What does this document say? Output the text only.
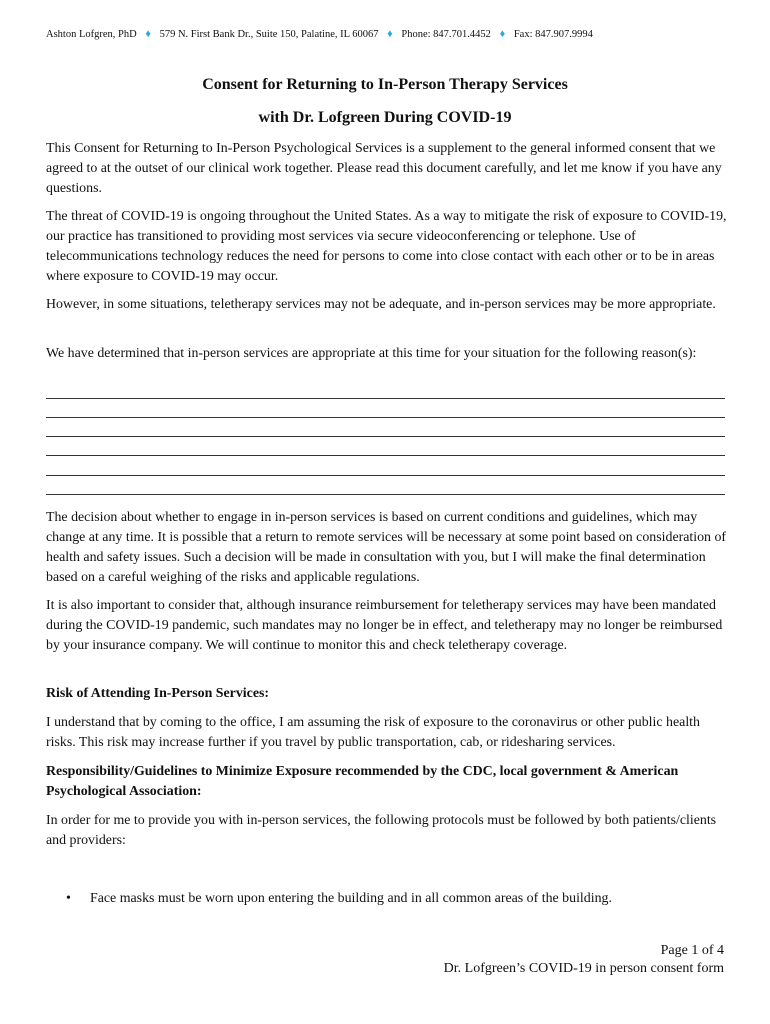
Ashton Lofgren, PhD ♦ 579 N. First Bank Dr., Suite 150, Palatine, IL 60067 ♦ Phone: 847.701.4452 ♦ Fax: 847.907.9994
Consent for Returning to In-Person Therapy Services
with Dr. Lofgreen During COVID-19

This Consent for Returning to In-Person Psychological Services is a supplement to the general informed consent that we agreed to at the outset of our clinical work together. Please read this document carefully, and let me know if you have any questions.

The threat of COVID-19 is ongoing throughout the United States. As a way to mitigate the risk of exposure to COVID-19, our practice has transitioned to providing most services via secure videoconferencing or telephone. Use of telecommunications technology reduces the need for persons to come into close contact with each other or to be in areas where exposure to COVID-19 may occur.

However, in some situations, teletherapy services may not be adequate, and in-person services may be more appropriate.

We have determined that in-person services are appropriate at this time for your situation for the following reason(s):

The decision about whether to engage in in-person services is based on current conditions and guidelines, which may change at any time. It is possible that a return to remote services will be necessary at some point based on consideration of health and safety issues. Such a decision will be made in consultation with you, but I will make the final determination based on a careful weighing of the risks and applicable regulations.

It is also important to consider that, although insurance reimbursement for teletherapy services may have been mandated during the COVID-19 pandemic, such mandates may no longer be in effect, and teletherapy may no longer be reimbursed by your insurance company. We will continue to monitor this and check teletherapy coverage.

Risk of Attending In-Person Services:

I understand that by coming to the office, I am assuming the risk of exposure to the coronavirus or other public health risks. This risk may increase further if you travel by public transportation, cab, or ridesharing services.

Responsibility/Guidelines to Minimize Exposure recommended by the CDC, local government & American Psychological Association:

In order for me to provide you with in-person services, the following protocols must be followed by both patients/clients and providers:

• Face masks must be worn upon entering the building and in all common areas of the building.
Page 1 of 4
Dr. Lofgreen’s COVID-19 in person consent form
